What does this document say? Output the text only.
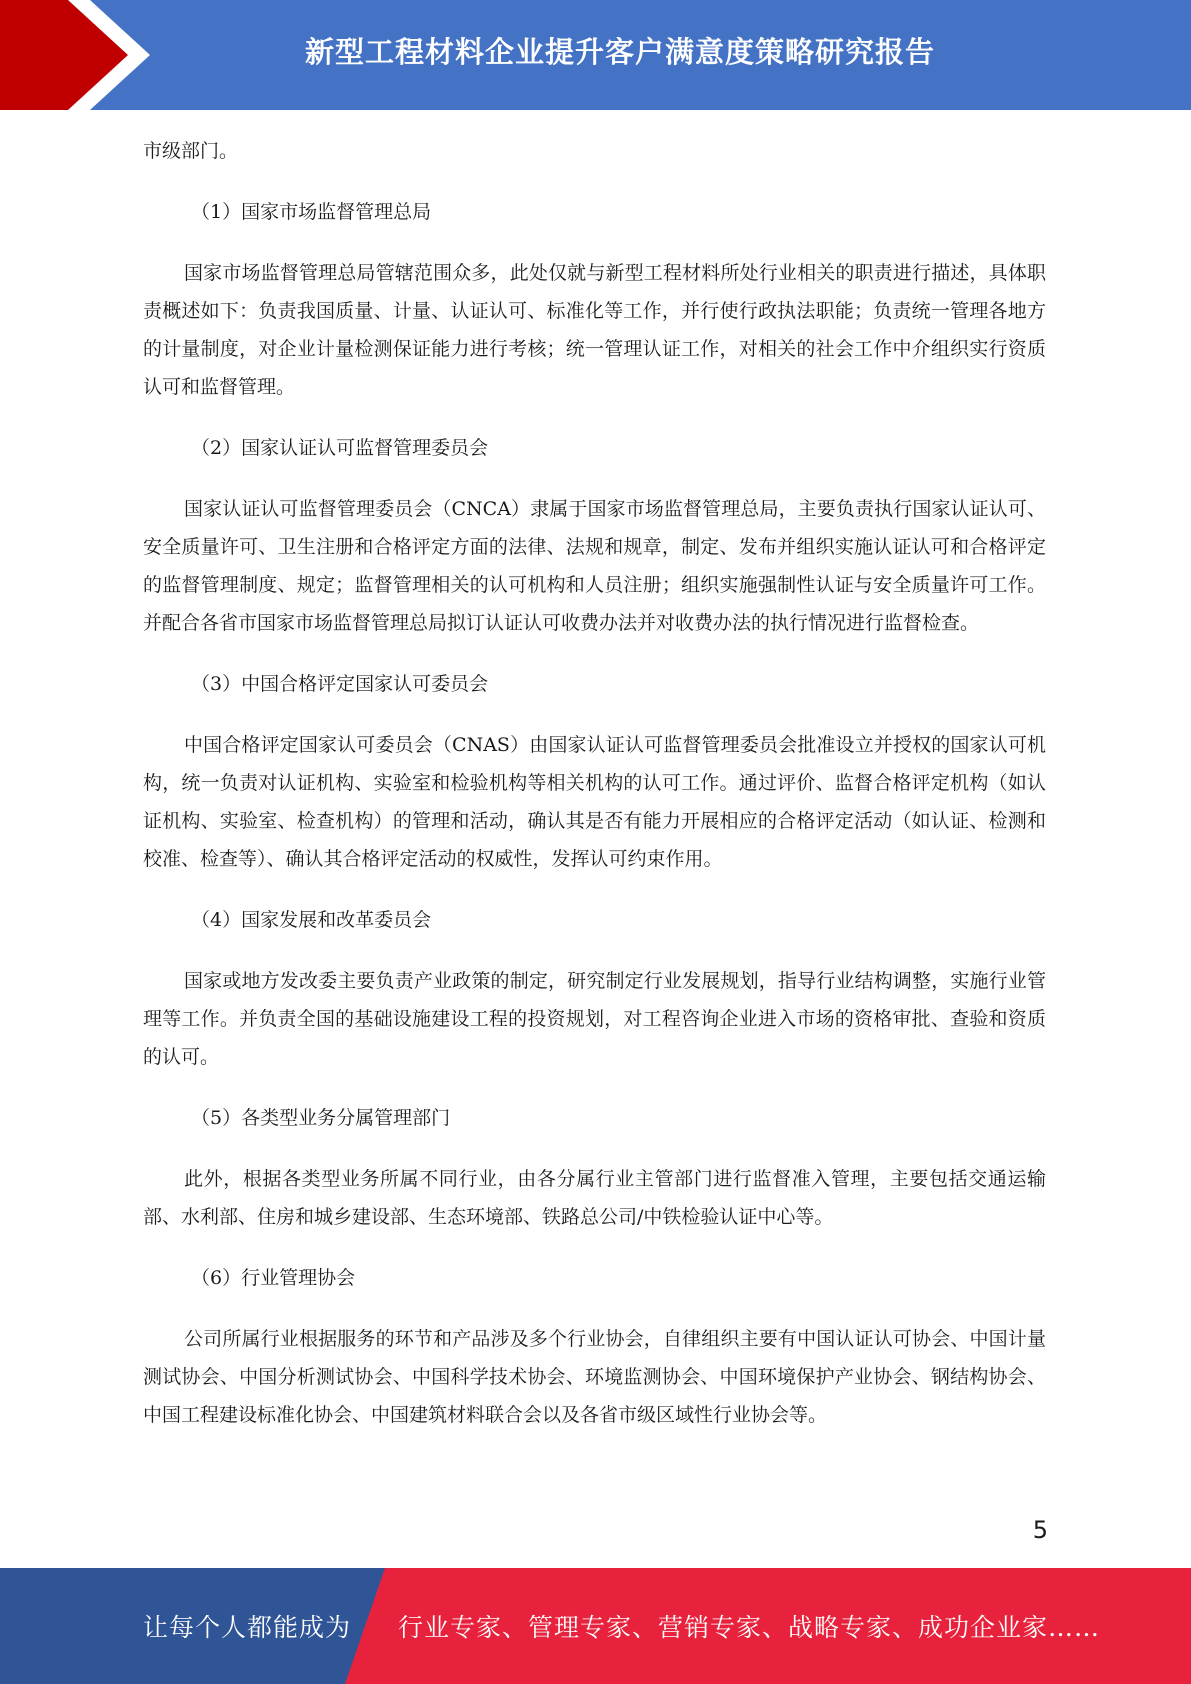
新型工程材料企业提升客户满意度策略研究报告

市级部门。

（1）国家市场监督管理总局

国家市场监督管理总局管辖范围众多，此处仅就与新型工程材料所处行业相关的职责进行描述，具体职责概述如下：负责我国质量、计量、认证认可、标准化等工作，并行使行政执法职能；负责统一管理各地方的计量制度，对企业计量检测保证能力进行考核；统一管理认证工作，对相关的社会工作中介组织实行资质认可和监督管理。

（2）国家认证认可监督管理委员会

国家认证认可监督管理委员会（CNCA）隶属于国家市场监督管理总局，主要负责执行国家认证认可、安全质量许可、卫生注册和合格评定方面的法律、法规和规章，制定、发布并组织实施认证认可和合格评定的监督管理制度、规定；监督管理相关的认可机构和人员注册；组织实施强制性认证与安全质量许可工作。并配合各省市国家市场监督管理总局拟订认证认可收费办法并对收费办法的执行情况进行监督检查。

（3）中国合格评定国家认可委员会

中国合格评定国家认可委员会（CNAS）由国家认证认可监督管理委员会批准设立并授权的国家认可机构，统一负责对认证机构、实验室和检验机构等相关机构的认可工作。通过评价、监督合格评定机构（如认证机构、实验室、检查机构）的管理和活动，确认其是否有能力开展相应的合格评定活动（如认证、检测和校准、检查等）、确认其合格评定活动的权威性，发挥认可约束作用。

（4）国家发展和改革委员会

国家或地方发改委主要负责产业政策的制定，研究制定行业发展规划，指导行业结构调整，实施行业管理等工作。并负责全国的基础设施建设工程的投资规划，对工程咨询企业进入市场的资格审批、查验和资质的认可。

（5）各类型业务分属管理部门

此外，根据各类型业务所属不同行业，由各分属行业主管部门进行监督准入管理，主要包括交通运输部、水利部、住房和城乡建设部、生态环境部、铁路总公司/中铁检验认证中心等。

（6）行业管理协会

公司所属行业根据服务的环节和产品涉及多个行业协会，自律组织主要有中国认证认可协会、中国计量测试协会、中国分析测试协会、中国科学技术协会、环境监测协会、中国环境保护产业协会、钢结构协会、中国工程建设标准化协会、中国建筑材料联合会以及各省市级区域性行业协会等。

5
让每个人都能成为 行业专家、管理专家、营销专家、战略专家、成功企业家……
